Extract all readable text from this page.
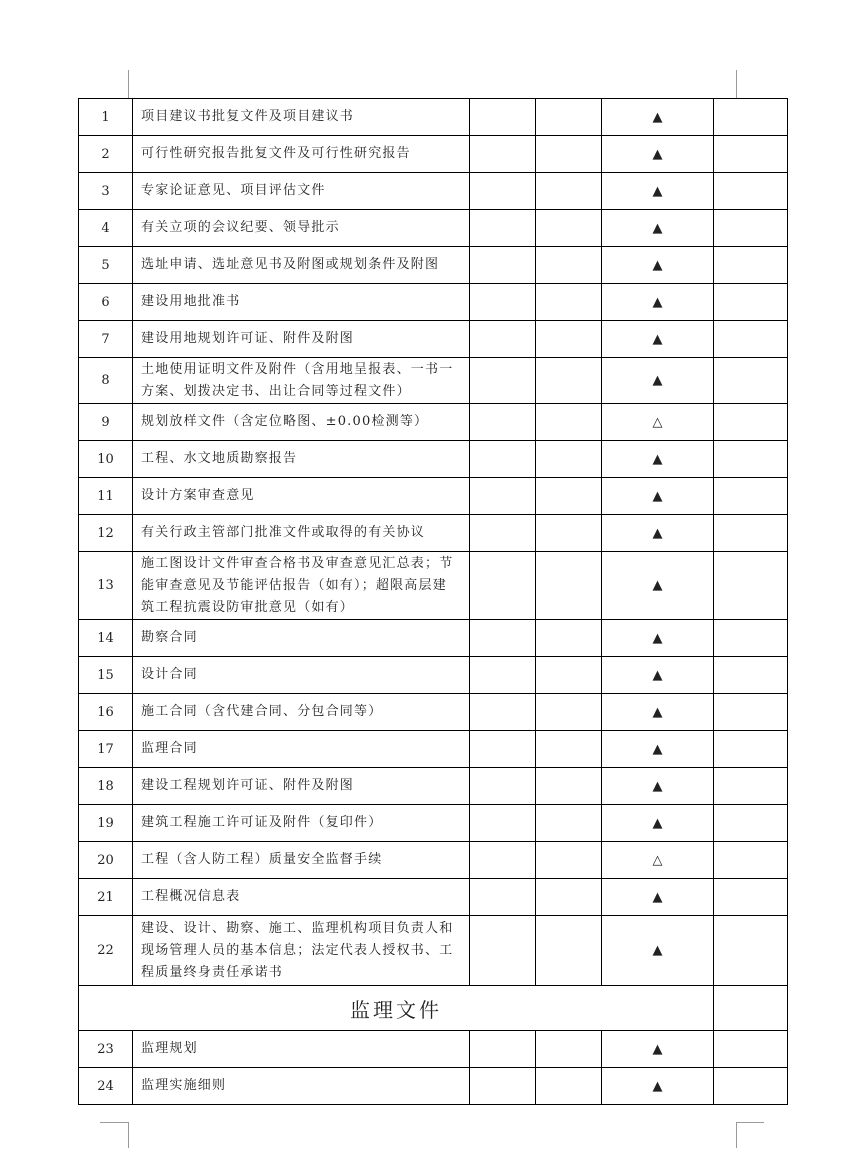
1	项目建议书批复文件及项目建议书			▲	
2	可行性研究报告批复文件及可行性研究报告			▲	
3	专家论证意见、项目评估文件			▲	
4	有关立项的会议纪要、领导批示			▲	
5	选址申请、选址意见书及附图或规划条件及附图			▲	
6	建设用地批准书			▲	
7	建设用地规划许可证、附件及附图			▲	
8	土地使用证明文件及附件（含用地呈报表、一书一方案、划拨决定书、出让合同等过程文件）			▲	
9	规划放样文件（含定位略图、±0.00检测等）			△	
10	工程、水文地质勘察报告			▲	
11	设计方案审查意见			▲	
12	有关行政主管部门批准文件或取得的有关协议			▲	
13	施工图设计文件审查合格书及审查意见汇总表；节能审查意见及节能评估报告（如有）；超限高层建筑工程抗震设防审批意见（如有）			▲	
14	勘察合同			▲	
15	设计合同			▲	
16	施工合同（含代建合同、分包合同等）			▲	
17	监理合同			▲	
18	建设工程规划许可证、附件及附图			▲	
19	建筑工程施工许可证及附件（复印件）			▲	
20	工程（含人防工程）质量安全监督手续			△	
21	工程概况信息表			▲	
22	建设、设计、勘察、施工、监理机构项目负责人和现场管理人员的基本信息；法定代表人授权书、工程质量终身责任承诺书			▲	
监理文件					
23	监理规划			▲	
24	监理实施细则			▲	
